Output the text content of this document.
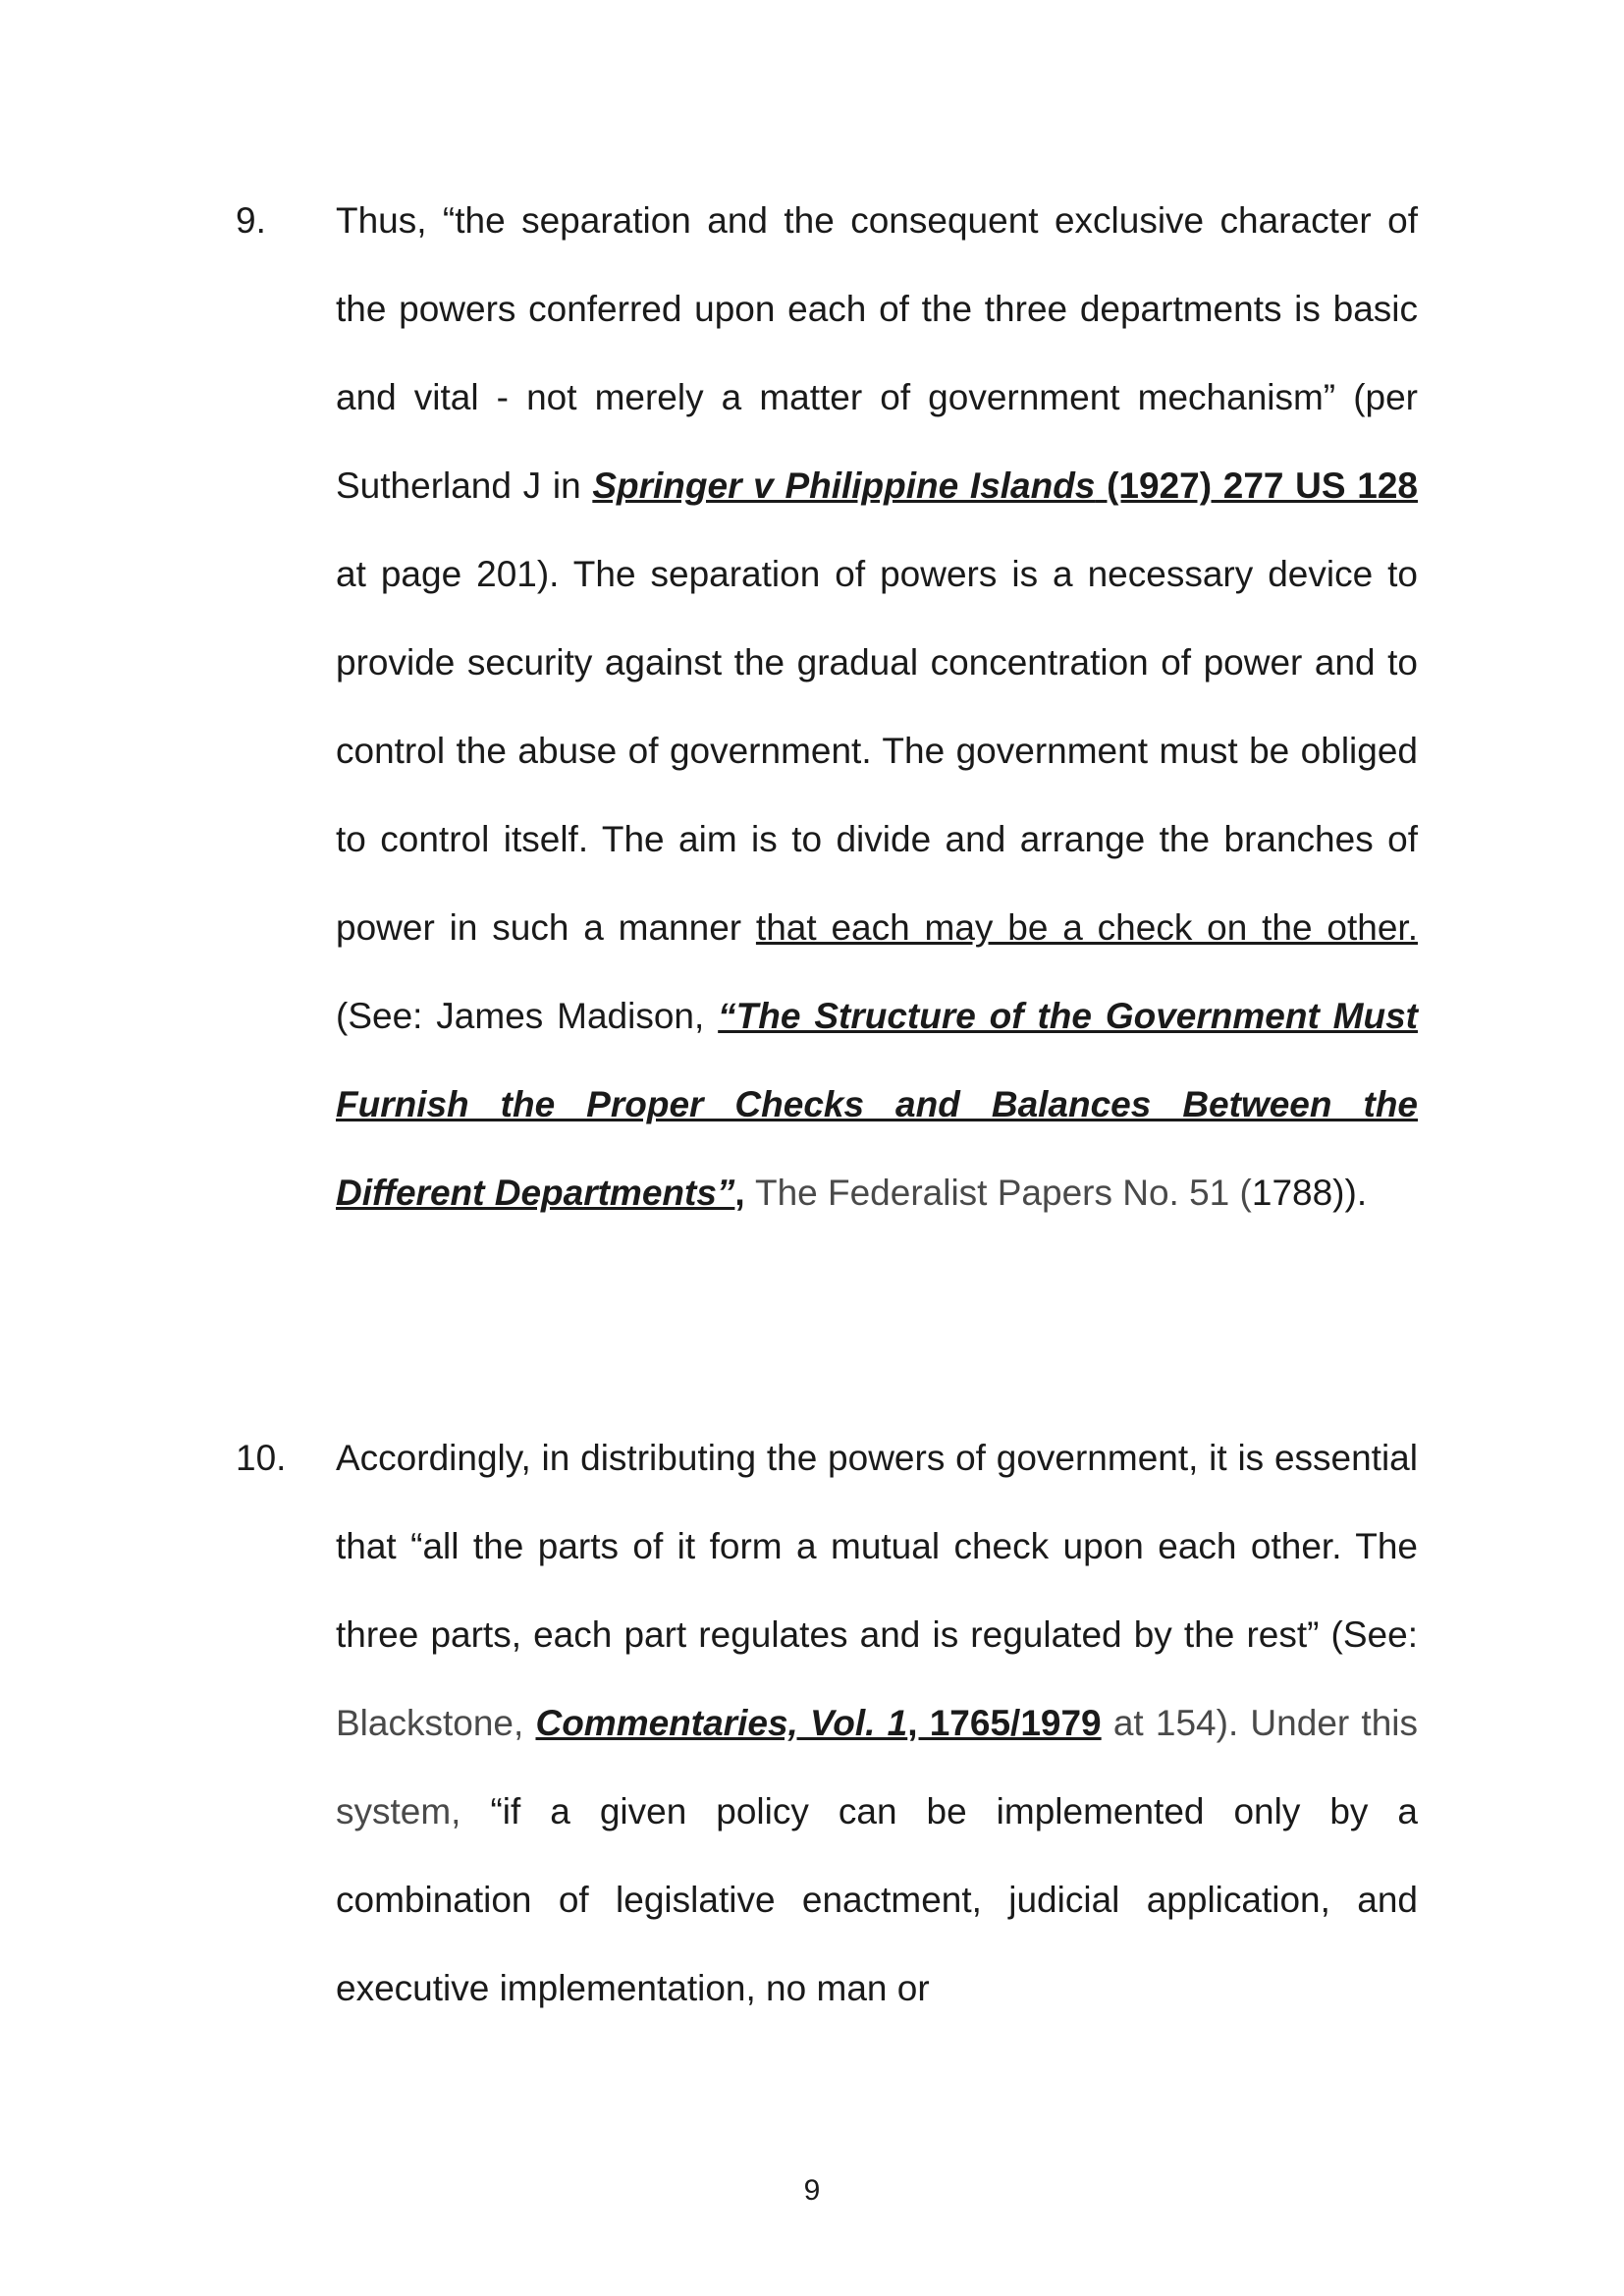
9. Thus, “the separation and the consequent exclusive character of the powers conferred upon each of the three departments is basic and vital - not merely a matter of government mechanism” (per Sutherland J in Springer v Philippine Islands (1927) 277 US 128 at page 201). The separation of powers is a necessary device to provide security against the gradual concentration of power and to control the abuse of government. The government must be obliged to control itself. The aim is to divide and arrange the branches of power in such a manner that each may be a check on the other. (See: James Madison, “The Structure of the Government Must Furnish the Proper Checks and Balances Between the Different Departments”, The Federalist Papers No. 51 (1788)).

10. Accordingly, in distributing the powers of government, it is essential that “all the parts of it form a mutual check upon each other. The three parts, each part regulates and is regulated by the rest” (See: Blackstone, Commentaries, Vol. 1, 1765/1979 at 154). Under this system, “if a given policy can be implemented only by a combination of legislative enactment, judicial application, and executive implementation, no man or

9
